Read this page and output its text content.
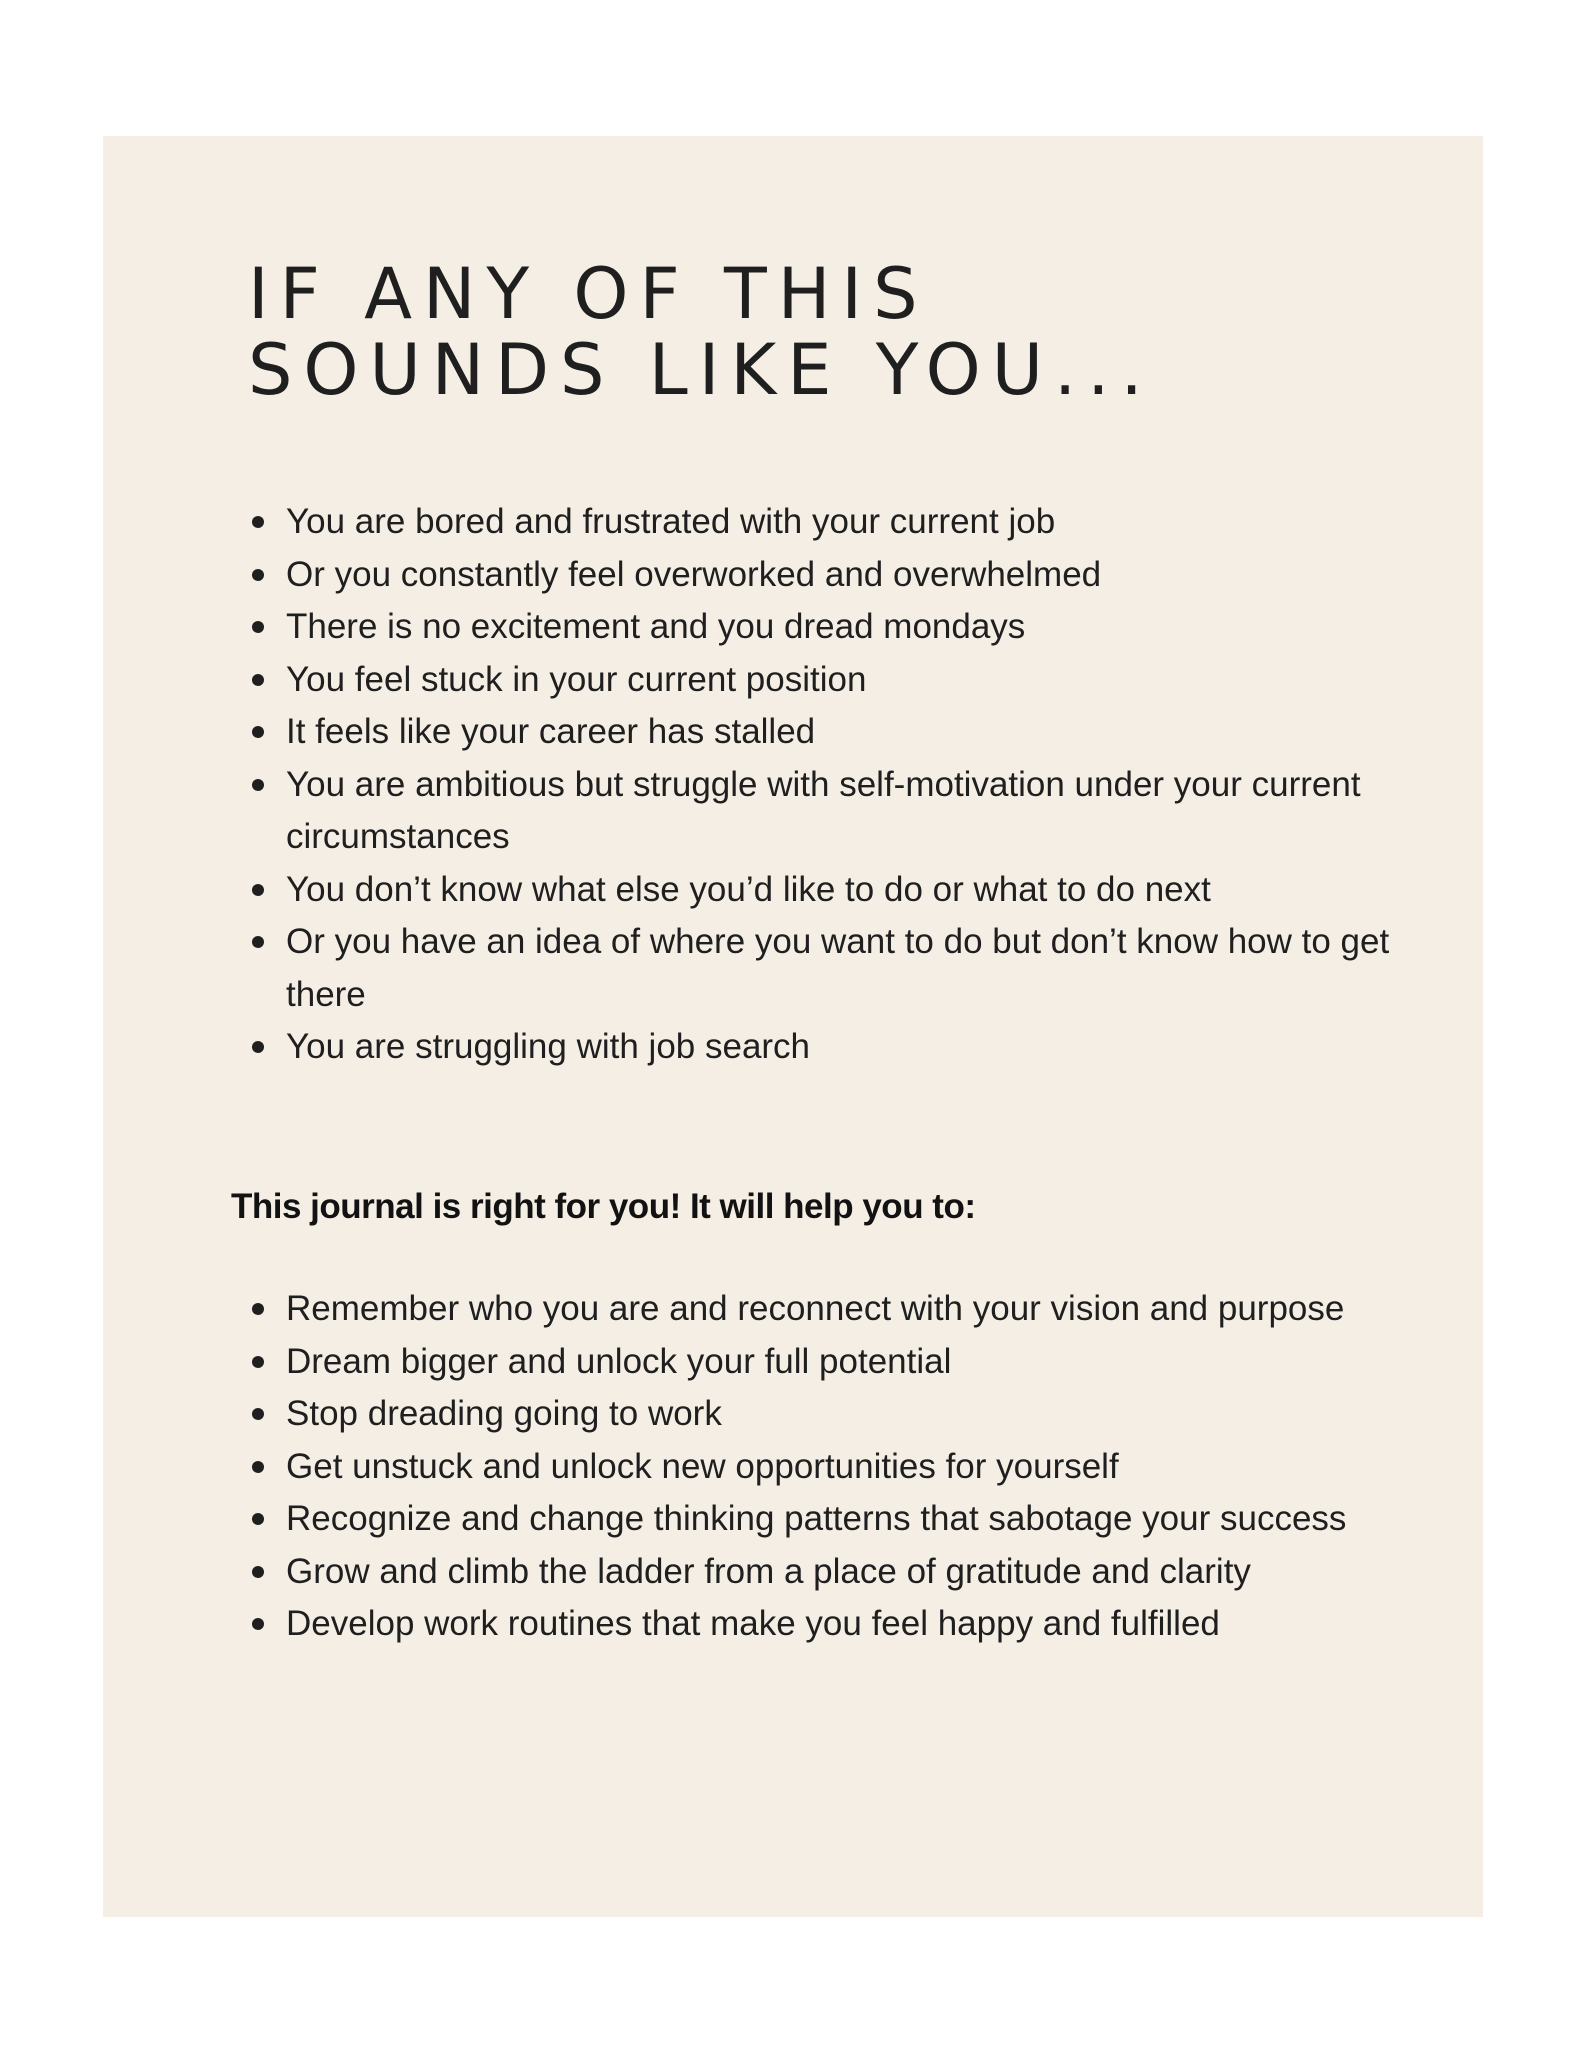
IF ANY OF THIS
SOUNDS LIKE YOU...
You are bored and frustrated with your current job
Or you constantly feel overworked and overwhelmed
There is no excitement and you dread mondays
You feel stuck in your current position
It feels like your career has stalled
You are ambitious but struggle with self-motivation under your current circumstances
You don’t know what else you’d like to do or what to do next
Or you have an idea of where you want to do but don’t know how to get there
You are struggling with job search

This journal is right for you! It will help you to:

Remember who you are and reconnect with your vision and purpose
Dream bigger and unlock your full potential
Stop dreading going to work
Get unstuck and unlock new opportunities for yourself
Recognize and change thinking patterns that sabotage your success
Grow and climb the ladder from a place of gratitude and clarity
Develop work routines that make you feel happy and fulfilled
